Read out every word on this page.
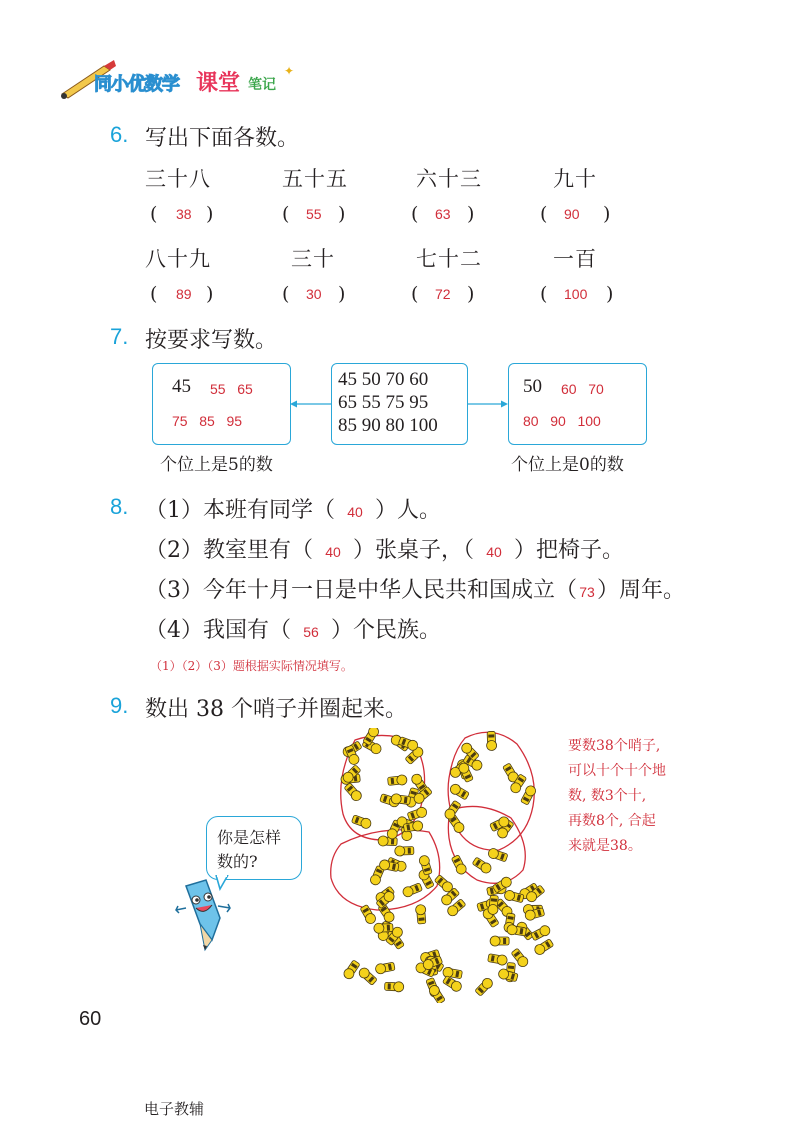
同小优数学 课堂 笔记
✦
6. 写出下面各数。
三十八	五十五	六十三	九十
( 38 )	( 55 )	( 63 )	( 90 )
八十九	三十	七十二	一百
( 89 )	( 30 )	( 72 )	( 100 )
7. 按要求写数。
45 55   65
75   85   95
个位上是5的数
45 50 70 60
65 55 75 95
85 90 80 100
50 60   70
80   90   100
个位上是0的数
8. （1）本班有同学（ 40 ）人。
（2）教室里有（ 40 ）张桌子，（ 40 ）把椅子。
（3）今年十月一日是中华人民共和国成立（ 73 ）周年。
（4）我国有（ 56 ）个民族。
（1）（2）（3）题根据实际情况填写。
9. 数出 38 个哨子并圈起来。
你是怎样
数的?
要数38个哨子,
可以十个十个地
数, 数3个十,
再数8个, 合起
来就是38。
60
电子教辅
